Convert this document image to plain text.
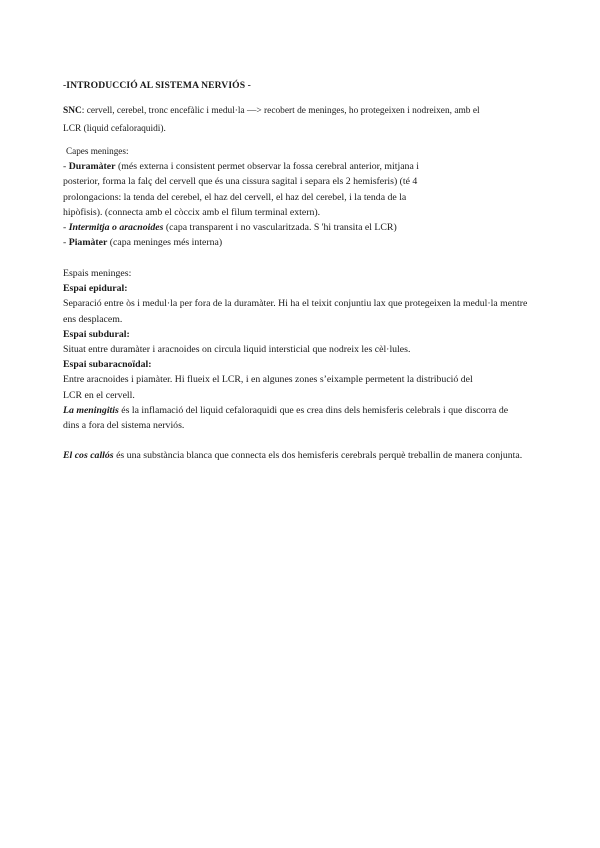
-INTRODUCCIÓ AL SISTEMA NERVIÓS -
SNC: cervell, cerebel, tronc encefàlic i medul·la —> recobert de meninges, ho protegeixen i nodreixen, amb el
LCR (liquid cefaloraquidi).
Capes meninges:
- Duramàter (més externa i consistent permet observar la fossa cerebral anterior, mitjana i
posterior, forma la falç del cervell que és una cissura sagital i separa els 2 hemisferis) (té 4
prolongacions: la tenda del cerebel, el haz del cervell, el haz del cerebel, i la tenda de la
hipòfisis). (connecta amb el còccix amb el filum terminal extern).
- Intermitja o aracnoides (capa transparent i no vascularitzada. S 'hi transita el LCR)
- Piamàter (capa meninges més interna)
Espais meninges:
Espai epidural:
Separació entre òs i medul·la per fora de la duramàter. Hi ha el teixit conjuntiu lax que protegeixen la medul·la mentre
ens desplacem.
Espai subdural:
Situat entre duramàter i aracnoides on circula liquid intersticial que nodreix les cèl·lules.
Espai subaracnoïdal:
Entre aracnoides i piamàter. Hi flueix el LCR, i en algunes zones s’eixample permetent la distribució del
LCR en el cervell.
La meningitis és la inflamació del liquid cefaloraquidi que es crea dins dels hemisferis celebrals i que discorra de
dins a fora del sistema nerviós.
El cos callós és una substància blanca que connecta els dos hemisferis cerebrals perquè treballin de manera conjunta.
